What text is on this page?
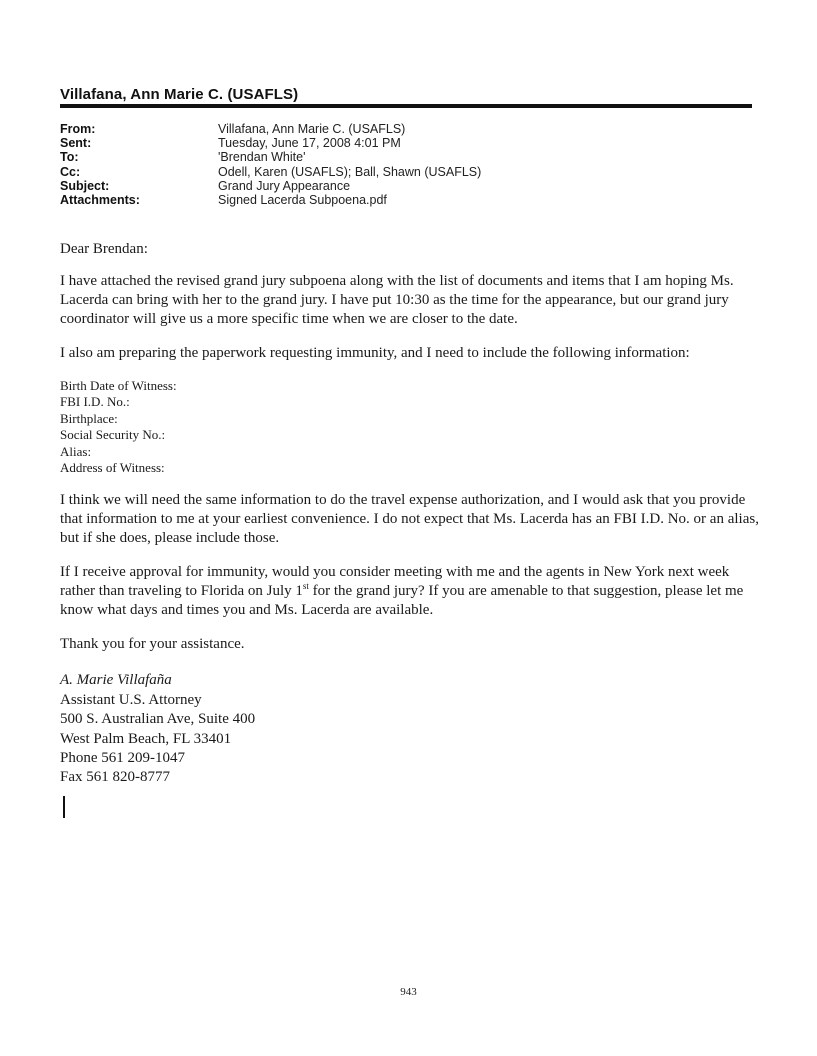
Villafana, Ann Marie C. (USAFLS)
From:	Villafana, Ann Marie C. (USAFLS)
Sent:	Tuesday, June 17, 2008 4:01 PM
To:	'Brendan White'
Cc:	Odell, Karen (USAFLS); Ball, Shawn (USAFLS)
Subject:	Grand Jury Appearance
Attachments:	Signed Lacerda Subpoena.pdf

Dear Brendan:

I have attached the revised grand jury subpoena along with the list of documents and items that I am hoping Ms. Lacerda can bring with her to the grand jury. I have put 10:30 as the time for the appearance, but our grand jury coordinator will give us a more specific time when we are closer to the date.

I also am preparing the paperwork requesting immunity, and I need to include the following information:

Birth Date of Witness:
FBI I.D. No.:
Birthplace:
Social Security No.:
Alias:
Address of Witness:

I think we will need the same information to do the travel expense authorization, and I would ask that you provide that information to me at your earliest convenience. I do not expect that Ms. Lacerda has an FBI I.D. No. or an alias, but if she does, please include those.

If I receive approval for immunity, would you consider meeting with me and the agents in New York next week rather than traveling to Florida on July 1st for the grand jury? If you are amenable to that suggestion, please let me know what days and times you and Ms. Lacerda are available.

Thank you for your assistance.

A. Marie Villafaña
Assistant U.S. Attorney
500 S. Australian Ave, Suite 400
West Palm Beach, FL 33401
Phone 561 209-1047
Fax 561 820-8777
943
